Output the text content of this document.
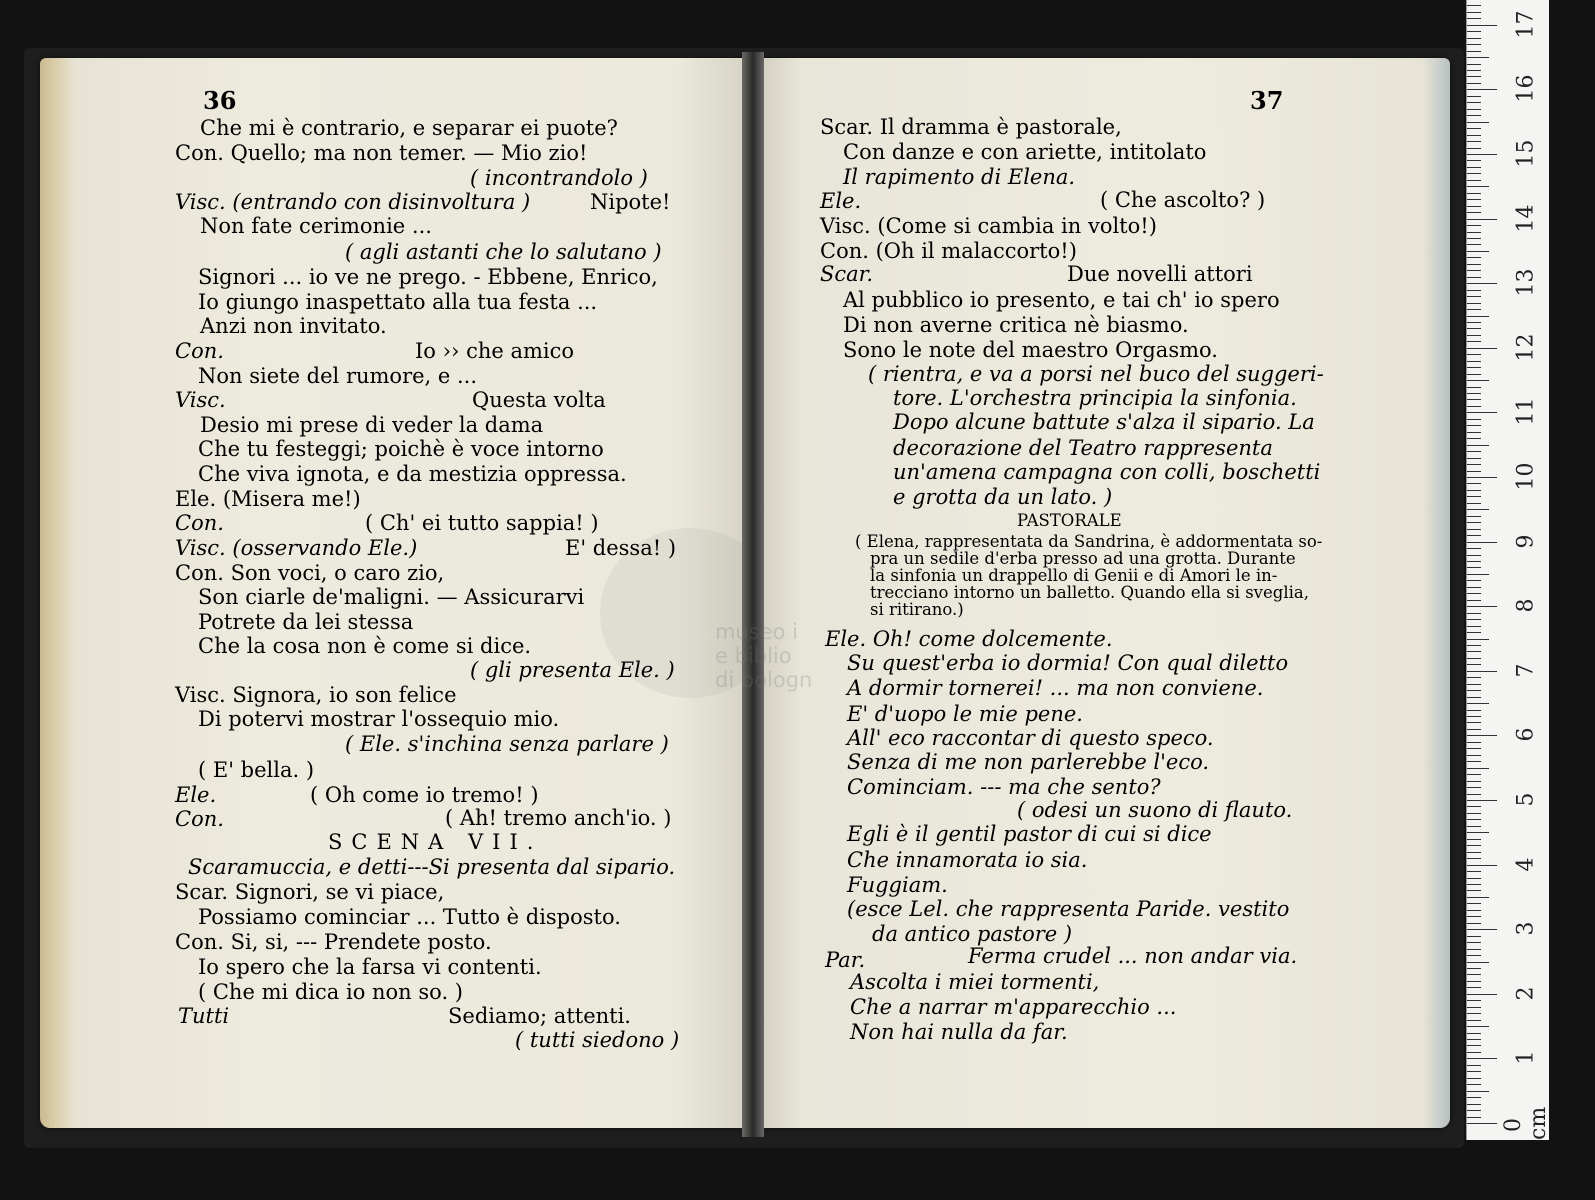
Che mi è contrario, e separar ei puote?
Con. Quello; ma non temer. — Mio zio!
( incontrandolo )
Visc. (entrando con disinvoltura )	Nipote!
Non fate cerimonie ...
( agli astanti che lo salutano )
Signori ... io ve ne prego. - Ebbene, Enrico,
Io giungo inaspettato alla tua festa ...
Anzi non invitato.
Con.	Io ›› che amico
Non siete del rumore, e ...
Visc.	Questa volta
Desio mi prese di veder la dama
Che tu festeggi; poichè è voce intorno
Che viva ignota, e da mestizia oppressa.
Ele. (Misera me!)
Con.	( Ch' ei tutto sappia! )
Visc. (osservando Ele.)	E' dessa! )
Con. Son voci, o caro zio,
Son ciarle de'maligni. — Assicurarvi
Potrete da lei stessa
Che la cosa non è come si dice.
( gli presenta Ele. )
Visc. Signora, io son felice
Di potervi mostrar l'ossequio mio.
( Ele. s'inchina senza parlare )
( E' bella. )
Ele.	( Oh come io tremo! )
Con.	( Ah! tremo anch'io. )
SCENA VII.
Scaramuccia, e detti---Si presenta dal sipario.
Scar. Signori, se vi piace,
Possiamo cominciar ... Tutto è disposto.
Con. Si, si, --- Prendete posto.
Io spero che la farsa vi contenti.
( Che mi dica io non so. )
Tutti	Sediamo; attenti.
( tutti siedono )
Scar. Il dramma è pastorale,
Con danze e con ariette, intitolato
Il rapimento di Elena.
Ele.	( Che ascolto? )
Visc. (Come si cambia in volto!)
Con. (Oh il malaccorto!)
Scar.	Due novelli attori
Al pubblico io presento, e tai ch' io spero
Di non averne critica nè biasmo.
Sono le note del maestro Orgasmo.
( rientra, e va a porsi nel buco del suggeri-
tore. L'orchestra principia la sinfonia.
Dopo alcune battute s'alza il sipario. La
decorazione del Teatro rappresenta
un'amena campagna con colli, boschetti
e grotta da un lato. )
PASTORALE
( Elena, rappresentata da Sandrina, è addormentata so-
pra un sedile d'erba presso ad una grotta. Durante
la sinfonia un drappello di Genii e di Amori le in-
trecciano intorno un balletto. Quando ella si sveglia,
si ritirano.)
Ele. Oh! come dolcemente.
Su quest'erba io dormia! Con qual diletto
A dormir tornerei! ... ma non conviene.
E' d'uopo le mie pene.
All' eco raccontar di questo speco.
Senza di me non parlerebbe l'eco.
Cominciam. --- ma che sento?
( odesi un suono di flauto.
Egli è il gentil pastor di cui si dice
Che innamorata io sia.
Fuggiam.
(esce Lel. che rappresenta Paride. vestito
da antico pastore )
Par.	Ferma crudel ... non andar via.
Ascolta i miei tormenti,
Che a narrar m'apparecchio ...
Non hai nulla da far.
36	37
museo i
e biblio
di bologn
0 cm
1
2
3
4
5
6
7
8
9
10
11
12
13
14
15
16
17
